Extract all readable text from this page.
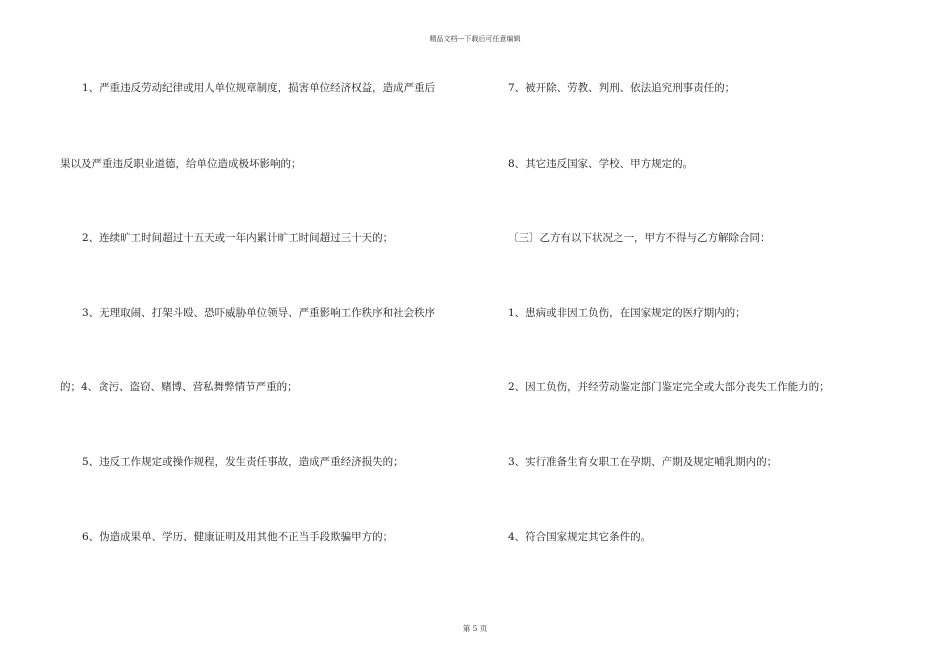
精品文档---下载后可任意编辑
1、严重违反劳动纪律或用人单位规章制度，损害单位经济权益，造成严重后
果以及严重违反职业道德，给单位造成极坏影响的；
2、连续旷工时间超过十五天或一年内累计旷工时间超过三十天的；
3、无理取闹、打架斗殴、恐吓威胁单位领导、严重影响工作秩序和社会秩序
的；4、贪污、盗窃、赌博、营私舞弊情节严重的；
5、违反工作规定或操作规程，发生责任事故，造成严重经济损失的；
6、伪造成果单、学历、健康证明及用其他不正当手段欺骗甲方的；
7、被开除、劳教、判刑、依法追究刑事责任的；
8、其它违反国家、学校、甲方规定的。
〔三〕乙方有以下状况之一，甲方不得与乙方解除合同：
1、患病或非因工负伤，在国家规定的医疗期内的；
2、因工负伤，并经劳动鉴定部门鉴定完全或大部分丧失工作能力的；
3、实行准备生育女职工在孕期、产期及规定哺乳期内的；
4、符合国家规定其它条件的。
第 5 页
